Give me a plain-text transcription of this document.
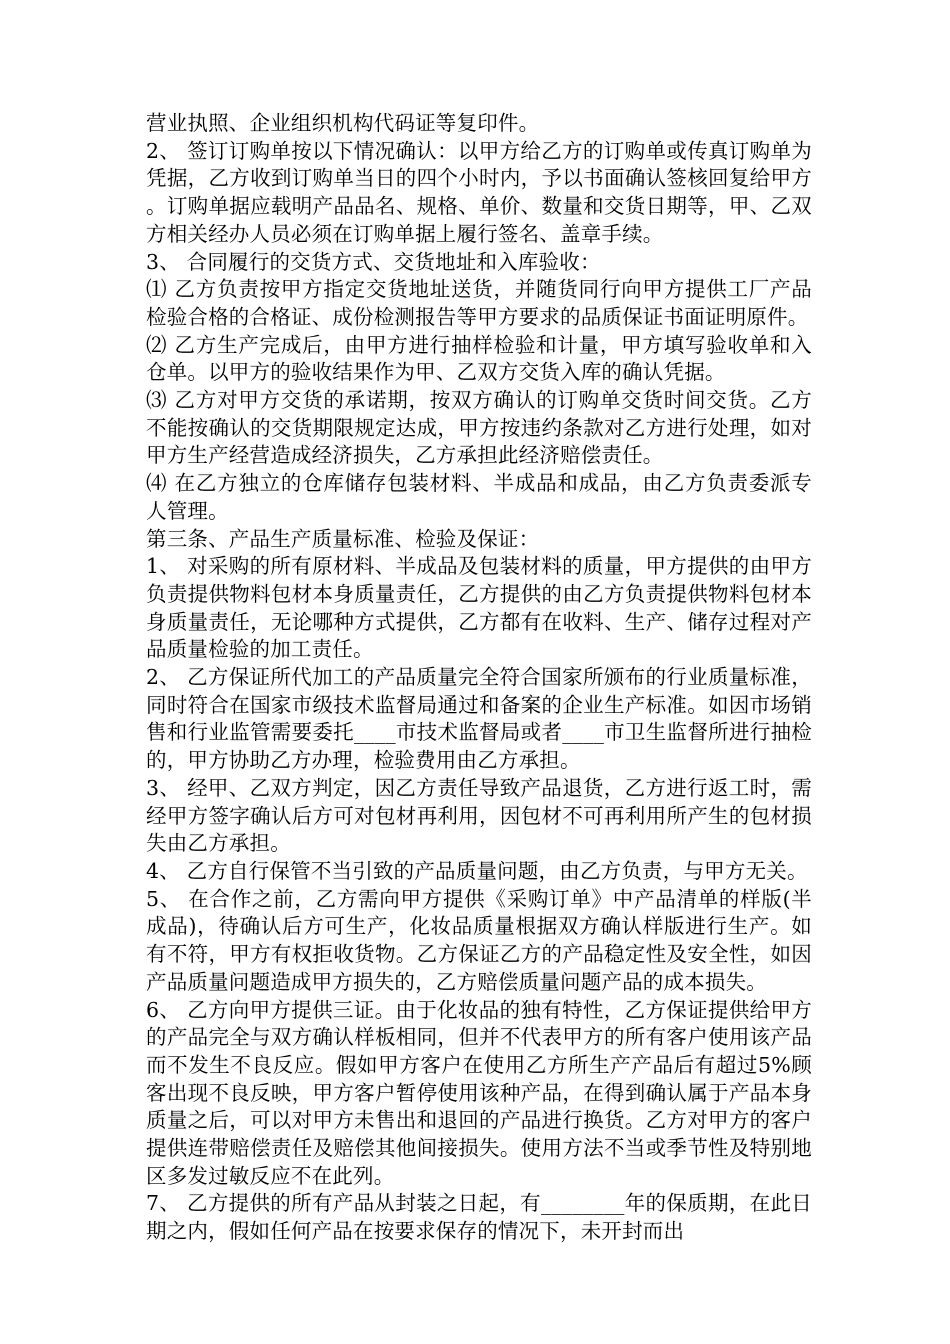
营业执照、企业组织机构代码证等复印件。

2、 签订订购单按以下情况确认：以甲方给乙方的订购单或传真订购单为凭据，乙方收到订购单当日的四个小时内，予以书面确认签核回复给甲方。订购单据应载明产品品名、规格、单价、数量和交货日期等，甲、乙双方相关经办人员必须在订购单据上履行签名、盖章手续。

3、 合同履行的交货方式、交货地址和入库验收：

⑴ 乙方负责按甲方指定交货地址送货，并随货同行向甲方提供工厂产品检验合格的合格证、成份检测报告等甲方要求的品质保证书面证明原件。

⑵ 乙方生产完成后，由甲方进行抽样检验和计量，甲方填写验收单和入仓单。以甲方的验收结果作为甲、乙双方交货入库的确认凭据。

⑶ 乙方对甲方交货的承诺期，按双方确认的订购单交货时间交货。乙方不能按确认的交货期限规定达成，甲方按违约条款对乙方进行处理，如对甲方生产经营造成经济损失，乙方承担此经济赔偿责任。

⑷ 在乙方独立的仓库储存包装材料、半成品和成品，由乙方负责委派专人管理。

第三条、产品生产质量标准、检验及保证：

1、 对采购的所有原材料、半成品及包装材料的质量，甲方提供的由甲方负责提供物料包材本身质量责任，乙方提供的由乙方负责提供物料包材本身质量责任，无论哪种方式提供，乙方都有在收料、生产、储存过程对产品质量检验的加工责任。

2、 乙方保证所代加工的产品质量完全符合国家所颁布的行业质量标准，同时符合在国家市级技术监督局通过和备案的企业生产标准。如因市场销售和行业监管需要委托____市技术监督局或者____市卫生监督所进行抽检的，甲方协助乙方办理，检验费用由乙方承担。

3、 经甲、乙双方判定，因乙方责任导致产品退货，乙方进行返工时，需经甲方签字确认后方可对包材再利用，因包材不可再利用所产生的包材损失由乙方承担。

4、 乙方自行保管不当引致的产品质量问题，由乙方负责，与甲方无关。

5、 在合作之前，乙方需向甲方提供《采购订单》中产品清单的样版(半成品)，待确认后方可生产，化妆品质量根据双方确认样版进行生产。如有不符，甲方有权拒收货物。乙方保证乙方的产品稳定性及安全性，如因产品质量问题造成甲方损失的，乙方赔偿质量问题产品的成本损失。

6、 乙方向甲方提供三证。由于化妆品的独有特性，乙方保证提供给甲方的产品完全与双方确认样板相同，但并不代表甲方的所有客户使用该产品而不发生不良反应。假如甲方客户在使用乙方所生产产品后有超过5%顾客出现不良反映，甲方客户暂停使用该种产品，在得到确认属于产品本身质量之后，可以对甲方未售出和退回的产品进行换货。乙方对甲方的客户提供连带赔偿责任及赔偿其他间接损失。使用方法不当或季节性及特别地区多发过敏反应不在此列。

7、 乙方提供的所有产品从封装之日起，有________年的保质期，在此日期之内，假如任何产品在按要求保存的情况下，未开封而出
